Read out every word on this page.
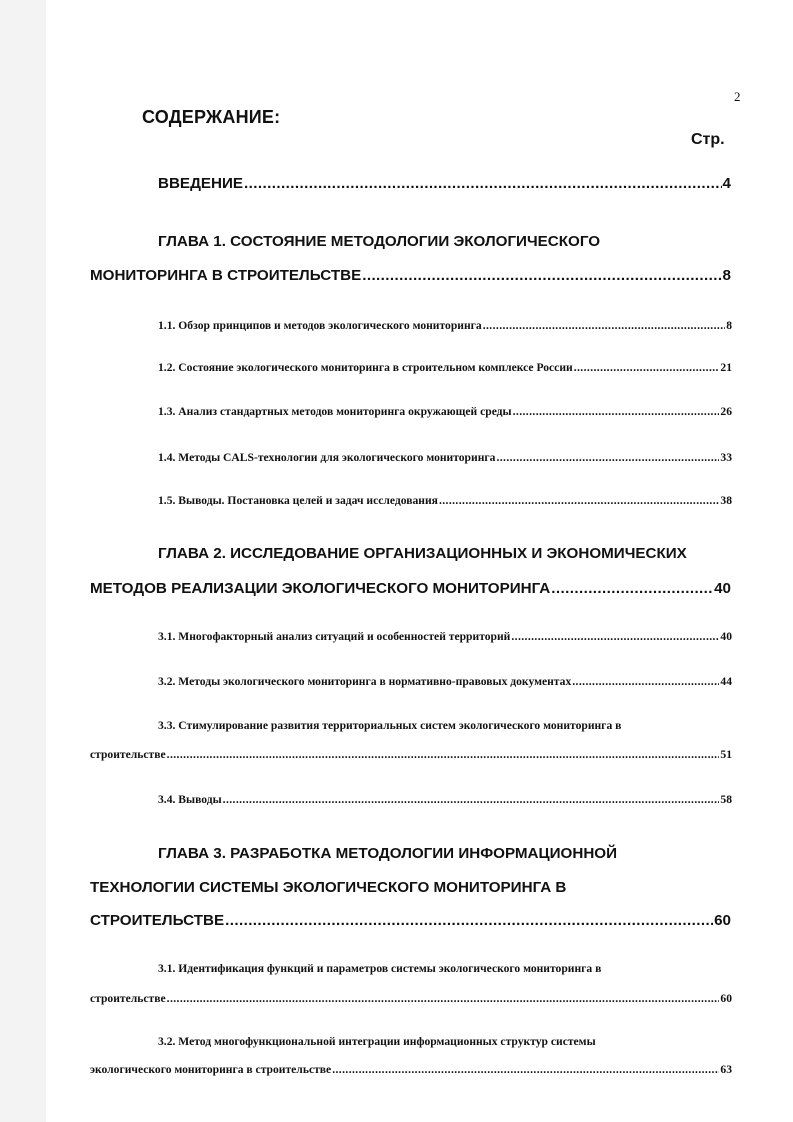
2
СОДЕРЖАНИЕ:
Стр.
ВВЕДЕНИЕ .....	4
ГЛАВА 1. СОСТОЯНИЕ МЕТОДОЛОГИИ ЭКОЛОГИЧЕСКОГО
МОНИТОРИНГА В СТРОИТЕЛЬСТВЕ .....	8
1.1. Обзор принципов и методов экологического мониторинга .....	8
1.2. Состояние экологического мониторинга в строительном комплексе России .....	21
1.3. Анализ стандартных методов мониторинга окружающей среды .....	26
1.4. Методы CALS-технологии для экологического мониторинга .....	33
1.5. Выводы. Постановка целей и задач исследования .....	38
ГЛАВА 2. ИССЛЕДОВАНИЕ ОРГАНИЗАЦИОННЫХ И ЭКОНОМИЧЕСКИХ
МЕТОДОВ РЕАЛИЗАЦИИ ЭКОЛОГИЧЕСКОГО МОНИТОРИНГА .....	40
3.1. Многофакторный анализ ситуаций и особенностей территорий .....	40
3.2. Методы экологического мониторинга в нормативно-правовых документах .....	44
3.3. Стимулирование развития территориальных систем экологического мониторинга в
строительстве .....	51
3.4. Выводы .....	58
ГЛАВА 3. РАЗРАБОТКА МЕТОДОЛОГИИ ИНФОРМАЦИОННОЙ
ТЕХНОЛОГИИ СИСТЕМЫ ЭКОЛОГИЧЕСКОГО МОНИТОРИНГА В
СТРОИТЕЛЬСТВЕ .....	60
3.1. Идентификация функций и параметров системы экологического мониторинга в
строительстве .....	60
3.2. Метод многофункциональной интеграции информационных структур системы
экологического мониторинга в строительстве .....	63
